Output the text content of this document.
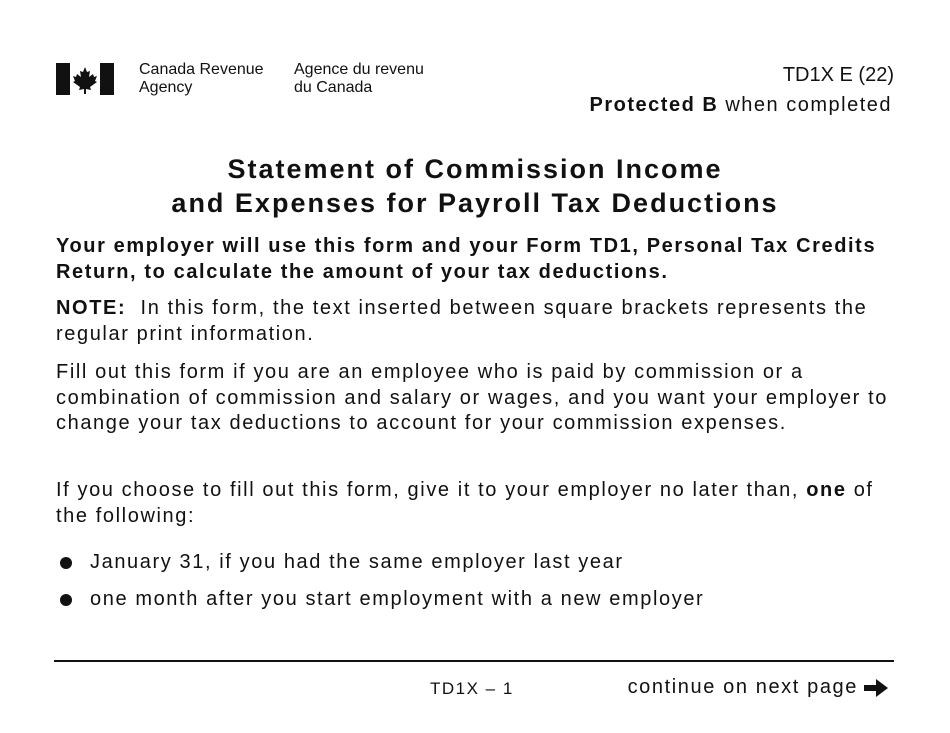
Canada Revenue
Agency
Agence du revenu
du Canada
TD1X E (22)
Protected B when completed
Statement of Commission Income
and Expenses for Payroll Tax Deductions
Your employer will use this form and your Form TD1, Personal Tax Credits Return, to calculate the amount of your tax deductions.
NOTE:  In this form, the text inserted between square brackets represents the regular print information.
Fill out this form if you are an employee who is paid by commission or a combination of commission and salary or wages, and you want your employer to change your tax deductions to account for your commission expenses.
If you choose to fill out this form, give it to your employer no later than, one of the following:
January 31, if you had the same employer last year
one month after you start employment with a new employer
TD1X – 1	continue on next page
